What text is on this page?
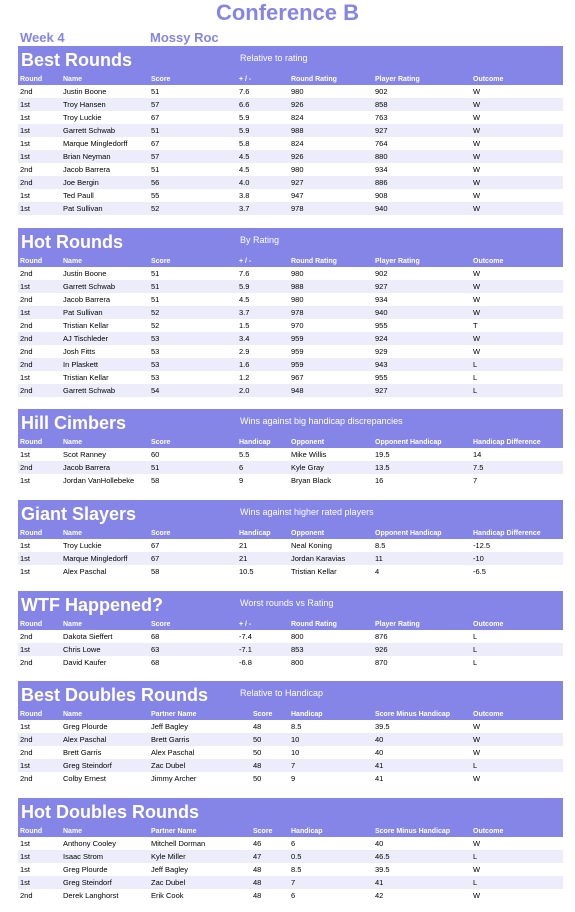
Conference B
Week 4	Mossy Roc
Best Rounds	Relative to rating
Round	Name	Score	+ / -	Round Rating	Player Rating	Outcome
2nd	Justin Boone	51	7.6	980	902	W
1st	Troy Hansen	57	6.6	926	858	W
1st	Troy Luckie	67	5.9	824	763	W
1st	Garrett Schwab	51	5.9	988	927	W
1st	Marque Mingledorff	67	5.8	824	764	W
1st	Brian Neyman	57	4.5	926	880	W
2nd	Jacob Barrera	51	4.5	980	934	W
2nd	Joe Bergin	56	4.0	927	886	W
1st	Ted Paull	55	3.8	947	908	W
1st	Pat Sullivan	52	3.7	978	940	W
Hot Rounds	By Rating
Round	Name	Score	+ / -	Round Rating	Player Rating	Outcome
2nd	Justin Boone	51	7.6	980	902	W
1st	Garrett Schwab	51	5.9	988	927	W
2nd	Jacob Barrera	51	4.5	980	934	W
1st	Pat Sullivan	52	3.7	978	940	W
2nd	Tristian Kellar	52	1.5	970	955	T
2nd	AJ Tischleder	53	3.4	959	924	W
2nd	Josh Fitts	53	2.9	959	929	W
2nd	In Plaskett	53	1.6	959	943	L
1st	Tristian Kellar	53	1.2	967	955	L
2nd	Garrett Schwab	54	2.0	948	927	L
Hill Cimbers	Wins against big handicap discrepancies
Round	Name	Score	Handicap	Opponent	Opponent Handicap	Handicap Difference
1st	Scot Ranney	60	5.5	Mike Willis	19.5	14
2nd	Jacob Barrera	51	6	Kyle Gray	13.5	7.5
1st	Jordan VanHollebeke	58	9	Bryan Black	16	7
Giant Slayers	Wins against higher rated players
Round	Name	Score	Handicap	Opponent	Opponent Handicap	Handicap Difference
1st	Troy Luckie	67	21	Neal Koning	8.5	-12.5
1st	Marque Mingledorff	67	21	Jordan Karavias	11	-10
1st	Alex Paschal	58	10.5	Tristian Kellar	4	-6.5
WTF Happened?	Worst rounds vs Rating
Round	Name	Score	+ / -	Round Rating	Player Rating	Outcome
2nd	Dakota Sieffert	68	-7.4	800	876	L
1st	Chris Lowe	63	-7.1	853	926	L
2nd	David Kaufer	68	-6.8	800	870	L
Best Doubles Rounds	Relative to Handicap
Round	Name	Partner Name	Score	Handicap	Score Minus Handicap	Outcome
1st	Greg Plourde	Jeff Bagley	48	8.5	39.5	W
2nd	Alex Paschal	Brett Garris	50	10	40	W
2nd	Brett Garris	Alex Paschal	50	10	40	W
1st	Greg Steindorf	Zac Dubel	48	7	41	L
2nd	Colby Ernest	Jimmy Archer	50	9	41	W
Hot Doubles Rounds
Round	Name	Partner Name	Score	Handicap	Score Minus Handicap	Outcome
1st	Anthony Cooley	Mitchell Dorman	46	6	40	W
1st	Isaac Strom	Kyle Miller	47	0.5	46.5	L
1st	Greg Plourde	Jeff Bagley	48	8.5	39.5	W
1st	Greg Steindorf	Zac Dubel	48	7	41	L
2nd	Derek Langhorst	Erik Cook	48	6	42	W
